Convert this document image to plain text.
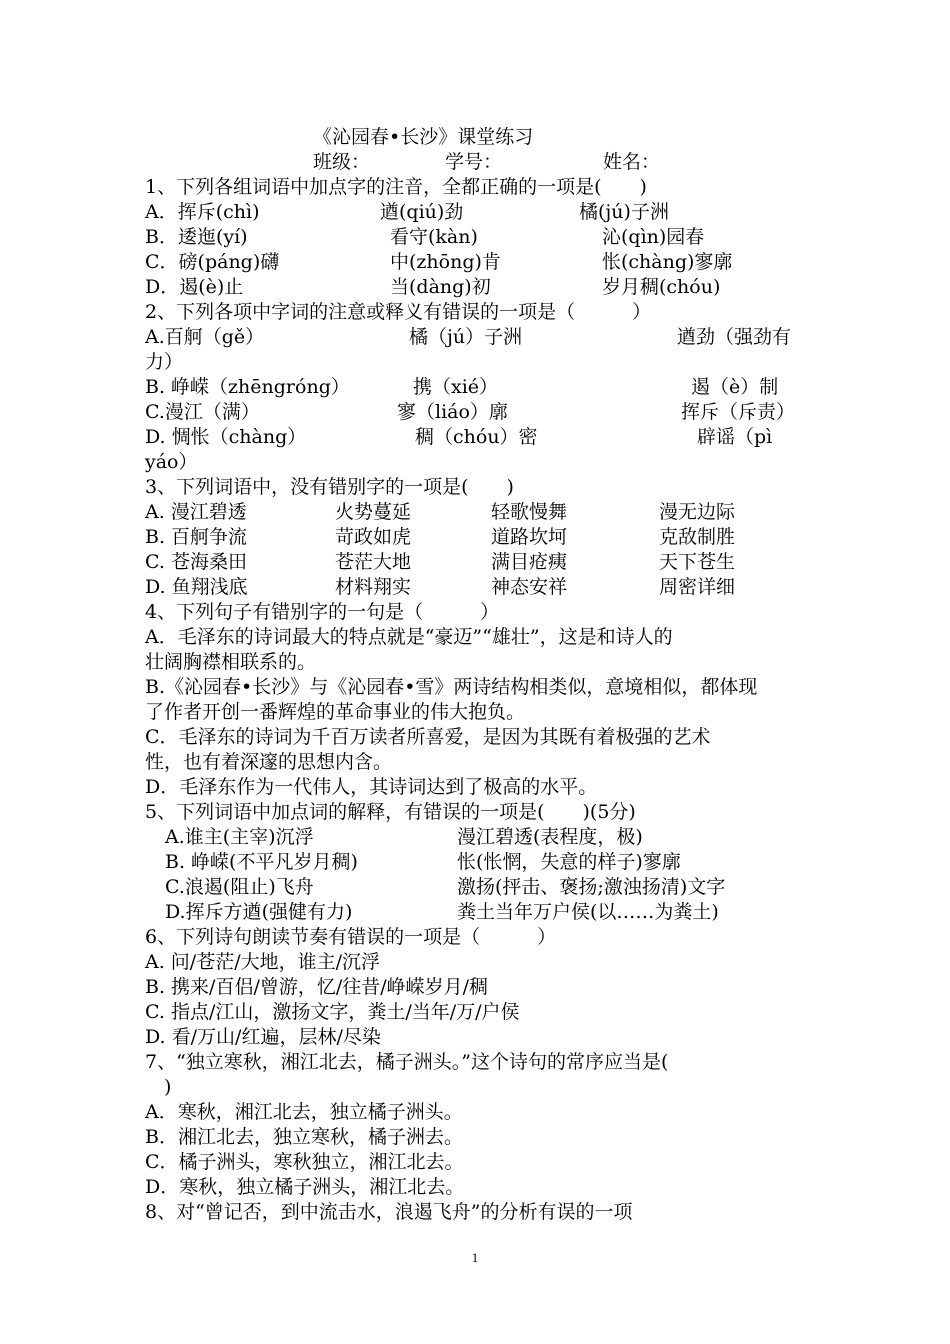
《沁园春•长沙》课堂练习
班级：	学号：	姓名：
1、下列各组词语中加点字的注音，全都正确的一项是(　　)
A．挥斥(chì)	遒(qiú)劲	橘(jú)子洲
B．逶迤(yí)	看守(kàn)	沁(qìn)园春
C．磅(páng)礴	中(zhōng)肯	怅(chàng)寥廓
D．遏(è)止	当(dàng)初	岁月稠(chóu)
2、下列各项中字词的注意或释义有错误的一项是（　　　）
A.百舸（gě）	橘（jú）子洲	遒劲（强劲有
力）
B. 峥嵘（zhēngróng）	携（xié）	遏（è）制
C.漫江（满）	寥（liáo）廓	挥斥（斥责）
D. 惆怅（chàng）	稠（chóu）密	辟谣（pì
yáo）
3、下列词语中，没有错别字的一项是(　　)
A. 漫江碧透	火势蔓延	轻歌慢舞	漫无边际
B. 百舸争流	苛政如虎	道路坎坷	克敌制胜
C. 苍海桑田	苍茫大地	满目疮痍	天下苍生
D. 鱼翔浅底	材料翔实	神态安祥	周密详细
4、下列句子有错别字的一句是（　　　）
A．毛泽东的诗词最大的特点就是“豪迈”“雄壮”，这是和诗人的
壮阔胸襟相联系的。
B.《沁园春•长沙》与《沁园春•雪》两诗结构相类似，意境相似，都体现
了作者开创一番辉煌的革命事业的伟大抱负。
C．毛泽东的诗词为千百万读者所喜爱，是因为其既有着极强的艺术
性，也有着深邃的思想内含。
D．毛泽东作为一代伟人，其诗词达到了极高的水平。
5、下列词语中加点词的解释，有错误的一项是(　　)(5分)
A.谁主(主宰)沉浮	漫江碧透(表程度，极)
B. 峥嵘(不平凡岁月稠)	怅(怅惘，失意的样子)寥廓
C.浪遏(阻止)飞舟	激扬(抨击、褒扬;激浊扬清)文字
D.挥斥方遒(强健有力)	粪土当年万户侯(以……为粪土)
6、下列诗句朗读节奏有错误的一项是（　　　）
A. 问/苍茫/大地，谁主/沉浮
B. 携来/百侣/曾游，忆/往昔/峥嵘岁月/稠
C. 指点/江山，激扬文字，粪土/当年/万/户侯
D. 看/万山/红遍，层林/尽染
7、“独立寒秋，湘江北去，橘子洲头。”这个诗句的常序应当是(
　)
A．寒秋，湘江北去，独立橘子洲头。
B．湘江北去，独立寒秋，橘子洲去。
C．橘子洲头，寒秋独立，湘江北去。
D．寒秋，独立橘子洲头，湘江北去。
8、对“曾记否，到中流击水，浪遏飞舟”的分析有误的一项
1
